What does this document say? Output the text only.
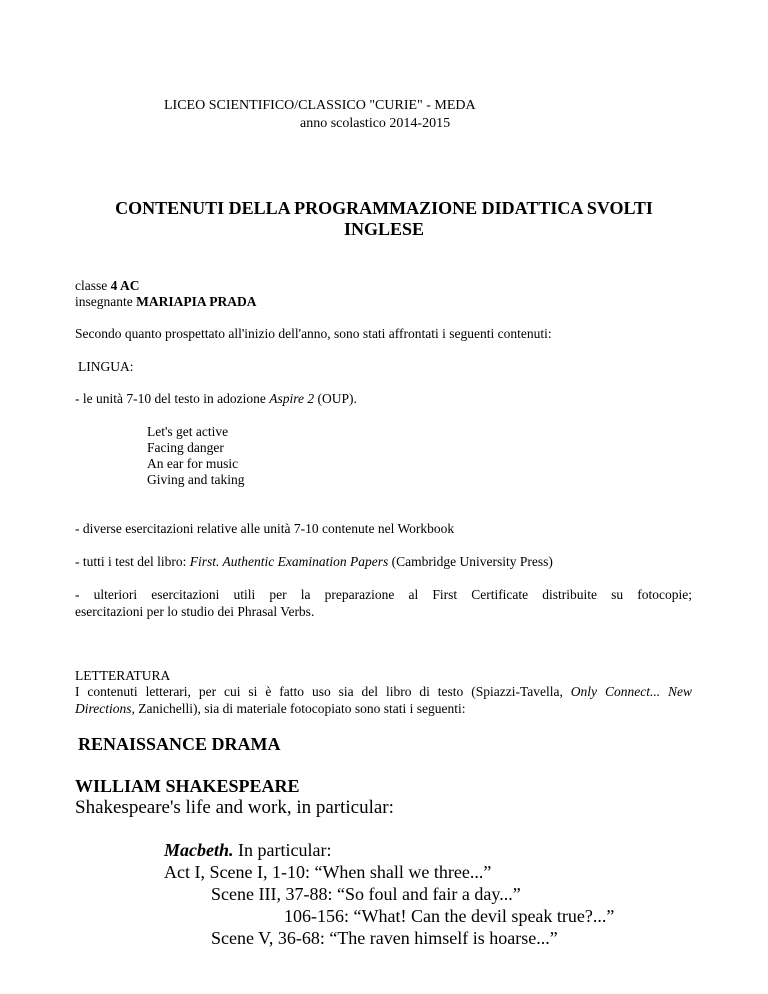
LICEO SCIENTIFICO/CLASSICO "CURIE" - MEDA
anno scolastico 2014-2015
CONTENUTI DELLA PROGRAMMAZIONE DIDATTICA SVOLTI
INGLESE
classe 4 AC
insegnante MARIAPIA PRADA
Secondo quanto prospettato all'inizio dell'anno, sono stati affrontati i seguenti contenuti:
LINGUA:
- le unità 7-10 del testo in adozione Aspire 2 (OUP).
Let's get active
Facing danger
An ear for music
Giving and taking
- diverse esercitazioni relative alle unità 7-10 contenute nel Workbook
- tutti i test del libro: First. Authentic Examination Papers (Cambridge University Press)
- ulteriori esercitazioni utili per la preparazione al First Certificate distribuite su fotocopie;
esercitazioni per lo studio dei Phrasal Verbs.
LETTERATURA
I contenuti letterari, per cui si è fatto uso sia del libro di testo (Spiazzi-Tavella, Only Connect... New
Directions, Zanichelli), sia di materiale fotocopiato sono stati i seguenti:
RENAISSANCE DRAMA
WILLIAM SHAKESPEARE
Shakespeare's life and work, in particular:
Macbeth. In particular:
Act I, Scene I, 1-10: “When shall we three...”
Scene III, 37-88: “So foul and fair a day...”
106-156: “What! Can the devil speak true?...”
Scene V, 36-68: “The raven himself is hoarse...”
